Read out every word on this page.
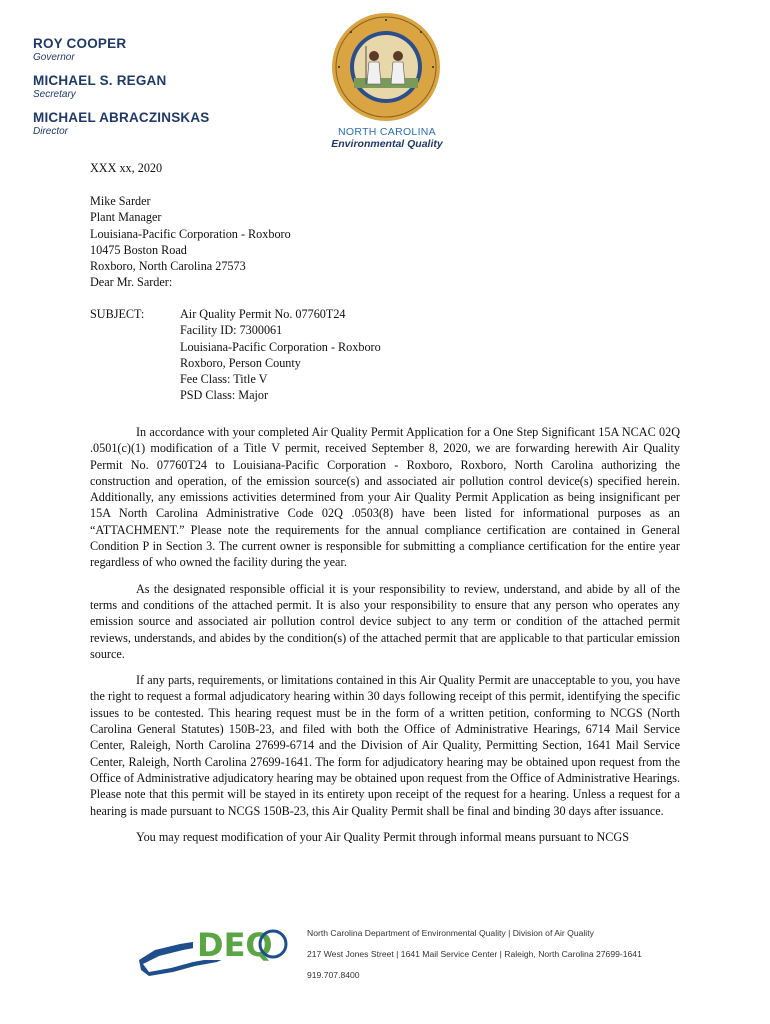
ROY COOPER
Governor
MICHAEL S. REGAN
Secretary
MICHAEL ABRACZINSKAS
Director	NORTH CAROLINA
Environmental Quality
XXX xx, 2020
Mike Sarder
Plant Manager
Louisiana-Pacific Corporation - Roxboro
10475 Boston Road
Roxboro, North Carolina 27573
Dear Mr. Sarder:
SUBJECT:	Air Quality Permit No. 07760T24
Facility ID: 7300061
Louisiana-Pacific Corporation - Roxboro
Roxboro, Person County
Fee Class: Title V
PSD Class: Major

In accordance with your completed Air Quality Permit Application for a One Step Significant 15A NCAC 02Q .0501(c)(1) modification of a Title V permit, received September 8, 2020, we are forwarding herewith Air Quality Permit No. 07760T24 to Louisiana-Pacific Corporation - Roxboro, Roxboro, North Carolina authorizing the construction and operation, of the emission source(s) and associated air pollution control device(s) specified herein. Additionally, any emissions activities determined from your Air Quality Permit Application as being insignificant per 15A North Carolina Administrative Code 02Q .0503(8) have been listed for informational purposes as an “ATTACHMENT.” Please note the requirements for the annual compliance certification are contained in General Condition P in Section 3. The current owner is responsible for submitting a compliance certification for the entire year regardless of who owned the facility during the year.

As the designated responsible official it is your responsibility to review, understand, and abide by all of the terms and conditions of the attached permit. It is also your responsibility to ensure that any person who operates any emission source and associated air pollution control device subject to any term or condition of the attached permit reviews, understands, and abides by the condition(s) of the attached permit that are applicable to that particular emission source.

If any parts, requirements, or limitations contained in this Air Quality Permit are unacceptable to you, you have the right to request a formal adjudicatory hearing within 30 days following receipt of this permit, identifying the specific issues to be contested. This hearing request must be in the form of a written petition, conforming to NCGS (North Carolina General Statutes) 150B-23, and filed with both the Office of Administrative Hearings, 6714 Mail Service Center, Raleigh, North Carolina 27699-6714 and the Division of Air Quality, Permitting Section, 1641 Mail Service Center, Raleigh, North Carolina 27699-1641. The form for adjudicatory hearing may be obtained upon request from the Office of Administrative adjudicatory hearing may be obtained upon request from the Office of Administrative Hearings. Please note that this permit will be stayed in its entirety upon receipt of the request for a hearing. Unless a request for a hearing is made pursuant to NCGS 150B-23, this Air Quality Permit shall be final and binding 30 days after issuance.

You may request modification of your Air Quality Permit through informal means pursuant to NCGS

DEQ	North Carolina Department of Environmental Quality | Division of Air Quality
217 West Jones Street | 1641 Mail Service Center | Raleigh, North Carolina 27699-1641
919.707.8400
